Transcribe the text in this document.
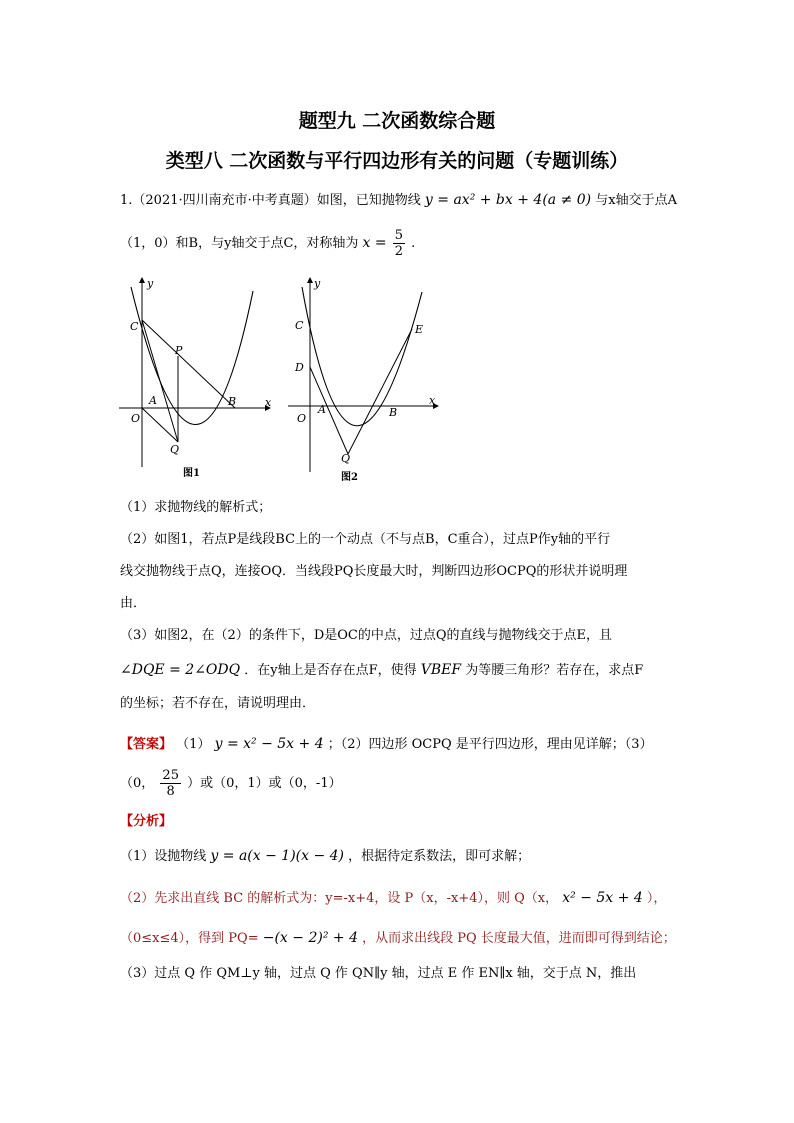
题型九 二次函数综合题
类型八 二次函数与平行四边形有关的问题（专题训练）
1.（2021·四川南充市·中考真题）如图，已知抛物线 y = ax² + bx + 4(a ≠ 0) 与x轴交于点A
（1，0）和B，与y轴交于点C，对称轴为 $x = \frac{5}{2}$ .
y
x
C
P
A	B
O
Q
图1
y
x
C	E
D
A	B
O
Q
图2
（1）求抛物线的解析式；
（2）如图1，若点P是线段BC上的一个动点（不与点B，C重合），过点P作y轴的平行
线交抛物线于点Q，连接OQ．当线段PQ长度最大时，判断四边形OCPQ的形状并说明理
由．
（3）如图2，在（2）的条件下，D是OC的中点，过点Q的直线与抛物线交于点E，且
∠DQE = 2∠ODQ ．在y轴上是否存在点F，使得 VBEF 为等腰三角形？若存在，求点F
的坐标；若不存在，请说明理由．
【答案】 （1） y = x² − 5x + 4 ；（2）四边形 OCPQ 是平行四边形，理由见详解；（3）
（0， $\frac{25}{8}$ ）或（0，1）或（0，-1）
【分析】
（1）设抛物线 y = a(x − 1)(x − 4) ，根据待定系数法，即可求解；
（2）先求出直线 BC 的解析式为：y=-x+4，设 P（x，-x+4），则 Q（x， x² − 5x + 4 ），
（0≤x≤4），得到 PQ= −(x − 2)² + 4 ，从而求出线段 PQ 长度最大值，进而即可得到结论；
（3）过点 Q 作 QM⊥y 轴，过点 Q 作 QN∥y 轴，过点 E 作 EN∥x 轴，交于点 N，推出
